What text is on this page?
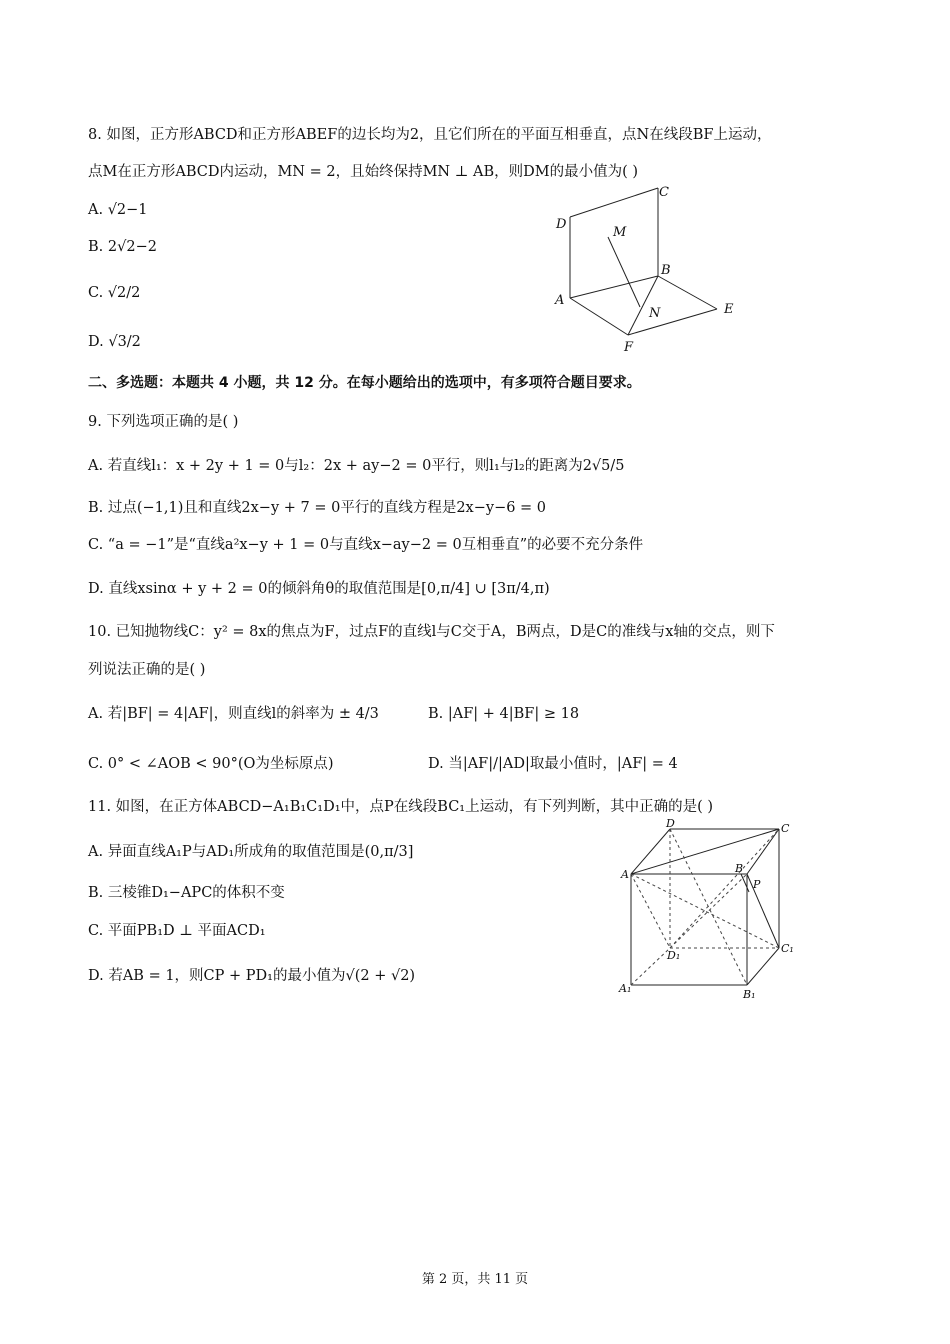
8. 如图，正方形ABCD和正方形ABEF的边长均为2，且它们所在的平面互相垂直，点N在线段BF上运动，
点M在正方形ABCD内运动，MN = 2，且始终保持MN ⊥ AB，则DM的最小值为( )
A. √2−1
B. 2√2−2
C. √2/2
D. √3/2
C
D
M
B
A
N	E
F
二、多选题：本题共 4 小题，共 12 分。在每小题给出的选项中，有多项符合题目要求。
9. 下列选项正确的是( )
A. 若直线l₁：x + 2y + 1 = 0与l₂：2x + ay−2 = 0平行，则l₁与l₂的距离为2√5/5
B. 过点(−1,1)且和直线2x−y + 7 = 0平行的直线方程是2x−y−6 = 0
C. “a = −1”是“直线a²x−y + 1 = 0与直线x−ay−2 = 0互相垂直”的必要不充分条件
D. 直线xsinα + y + 2 = 0的倾斜角θ的取值范围是[0,π/4] ∪ [3π/4,π)
10. 已知抛物线C：y² = 8x的焦点为F，过点F的直线l与C交于A，B两点，D是C的准线与x轴的交点，则下
列说法正确的是( )
A. 若|BF| = 4|AF|，则直线l的斜率为 ± 4/3	B. |AF| + 4|BF| ≥ 18
C. 0° < ∠AOB < 90°(O为坐标原点)	D. 当|AF|/|AD|取最小值时，|AF| = 4
11. 如图，在正方体ABCD−A₁B₁C₁D₁中，点P在线段BC₁上运动，有下列判断，其中正确的是( )
A. 异面直线A₁P与AD₁所成角的取值范围是(0,π/3]
B. 三棱锥D₁−APC的体积不变
C. 平面PB₁D ⊥ 平面ACD₁
D. 若AB = 1，则CP + PD₁的最小值为√(2 + √2)
D	C
A	B
P
D₁
C₁
A₁	B₁
第 2 页，共 11 页
